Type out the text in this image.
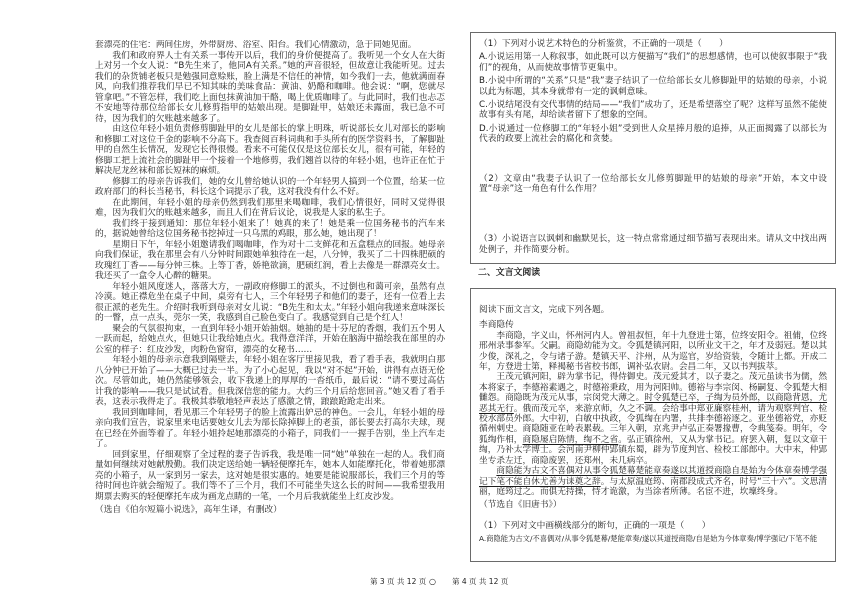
套漂亮的住宅：两间住房，外带厨房、浴室、阳台。我们心情激动，急于同她见面。

我们和政府界人士有关系一事传开以后，我们的身价便提高了。我听见一个女人在大街上对另一个女人说：“B先生来了，他同A有关系。”她的声音很轻，但故意让我能听见。过去我们的杂货铺老板只是勉强同意赊账，脸上满是不信任的神情，如今我们一去，他就满面春风，向我们推荐我们早已不知其味的美味食品：黄油、奶酪和咖啡。他会说：“啊，您就尽管拿吧。”不管怎样，我们吃上面包抹黄油加干酪，喝上优质咖啡了。与此同时，我们也忐忑不安地等待那位给部长女儿修剪指甲的姑娘出现。是脚趾甲，姑娘还未露面，我已急不可待，因为我们的欠账越来越多了。

由这位年轻小姐负责修剪脚趾甲的女儿是部长的掌上明珠，听说部长女儿对部长的影响和修脚工对这位千金的影响不分高下。我查阅百科词典和手头所有的医学资料书，了解脚趾甲的自然生长情况，发现它长得很慢。看来不可能仅仅是这位部长女儿，很有可能，年轻的修脚工把上流社会的脚趾甲一个接着一个地修剪，我们翘首以待的年轻小姐，也许正在忙于解决尼龙丝袜和部长短袜的麻烦。

修脚工的母亲告诉我们，她的女儿曾给她认识的一个年轻男人搞到一个位置，给某一位政府部门的科长当秘书，科长这个词提示了我，这对我没有什么不好。

在此期间，年轻小姐的母亲仍然到我们那里来喝咖啡，我们心情很好，同时又觉得很难，因为我们欠的账越来越多，而且人们在背后议论，说我是人家的私生子。

我们终于接到通知：那位年轻小姐来了！她真的来了！她是乘一位国务秘书的汽车来的，据说她曾给这位国务秘书挖掉过一只乌黑的鸡眼，那么她，她出现了！

星期日下午，年轻小姐邀请我们喝咖啡，作为对十二支鲜花和五盒糕点的回报。她母亲向我们保证，我在那里会有八分钟时间跟她单独待在一起，八分钟，我买了二十四株肥硕的玫瑰红丁香——每分钟三株。上等丁香，娇艳欲滴，肥硕红润，看上去像是一群漂亮女士。我还买了一盒令人心醉的糖果。

年轻小姐风度迷人，落落大方，一副政府修脚工的派头，不过倒也和蔼可亲，虽然有点冷漠。她正襟危坐在桌子中间，桌旁有七人，三个年轻男子和他们的妻子，还有一位看上去很正派的老先生。介绍时我听到母亲对女儿说：“B先生和太太。”年轻小姐向我递来意味深长的一瞥，点一点头，莞尔一笑，我感到自己脸色变白了。我感觉到自己是个红人！

聚会的气氛很拘束，一直到年轻小姐开始抽烟。她抽的是十芬尼的香烟，我们五个男人一跃而起，给她点火，但她只让我给她点火。我得意洋洋，开始在脑海中描绘我在部里的办公室的样子：红皮沙发，肉粉色窗帘，漂亮的女秘书……

年轻小姐的母亲示意我到隔壁去，年轻小姐在客厅里接见我，看了看手表，我就明白那八分钟已开始了——大概已过去一半。为了小心起见，我以“对不起”开始，讲得有点语无伦次。尽管如此，她仍然能够领会，收下我递上的厚厚的一沓纸币，最后说：“请不要过高估计我的影响——我只是试试看。但我深信您的能力。大约三个月后给您回音。”她又看了看手表，这表示我得走了。我极其恭敬地轻声表达了感激之情，踉踉跄跄走出来。

我回到咖啡间，看见那三个年轻男子的脸上流露出妒忌的神色。一会儿，年轻小姐的母亲向我们宣告，说家里来电话要她女儿去为部长除掉脚上的老茧，部长要去打高尔夫球，现在已经在外面等着了。年轻小姐拎起她那漂亮的小箱子，同我们一一握手告别，坐上汽车走了。

回到家里，仔细观察了全过程的妻子告诉我，我是唯一同“她”单独在一起的人。我们商量如何继续对她献殷勤。我们决定送给她一辆轻便摩托车，她本人如能摩托化，带着她那漂亮的小箱子，从一家到另一家去，这对她是很实惠的。她要是能说服部长，我们三个月的等待时间也许就会缩短了。我们等不了三个月，我们不可能坐失这么长的时间——我希望我用期票去购买的轻便摩托车成为画龙点睛的一笔，一个月后我就能坐上红皮沙发。

（选自《伯尔短篇小说选》，高年生译，有删改）

（1）下列对小说艺术特色的分析鉴赏，不正确的一项是（　　）

A.小说运用第一人称叙事，如此既可以方便描写“我们”的思想感情，也可以使叙事限于“我们”的视角，从而使故事情节更集中。

B.小说中所谓的“关系”只是“我”妻子结识了一位给部长女儿修脚趾甲的姑娘的母亲，小说以此为标题，其本身就带有一定的讽刺意味。

C.小说结尾没有交代事情的结局——“我们”成功了，还是希望落空了呢？这样写虽然不能使故事有头有尾，却给读者留下了想象的空间。

D.小说通过一位修脚工的“年轻小姐”受到世人众星捧月般的追捧，从正面揭露了以部长为代表的政要上流社会的腐化和贪婪。

（2）文章由“我妻子认识了一位给部长女儿修剪脚趾甲的姑娘的母亲”开始，本文中设置“母亲”这一角色有什么作用？

（3）小说语言以讽刺和幽默见长，这一特点常常通过细节描写表现出来。请从文中找出两处例子，并作简要分析。

二、文言文阅读

阅读下面文言文，完成下列各题。

李商隐传

李商隐，字义山，怀州河内人。曾祖叔恒，年十九登进士第，位终安阳令。祖俌，位终邢州录事参军。父嗣。商隐幼能为文。令狐楚镇河阳，以所业文干之，年才及弱冠。楚以其少俊，深礼之，令与诸子游。楚镇天平、汴州，从为巡官，岁给资装，令随计上都。开成二年，方登进士第，释褐秘书省校书郎，调补弘农尉。会昌二年，又以书判拔萃。

王茂元镇河阳，辟为掌书记，得侍御史。茂元爱其才，以子妻之。茂元虽读书为儒，然本将家子，李德裕素遇之，时德裕秉政，用为河阳帅。德裕与李宗闵、杨嗣复、令狐楚大相雠怨。商隐既为茂元从事，宗闵党大薄之。时令狐楚已卒，子绹为员外郎，以商隐背恩，尤恶其无行。俄而茂元卒，来游京师，久之不调。会给事中郑亚廉察桂州，请为观察判官、检校水部员外郎。大中初，白敏中执政，令狐绹在内署，共排李德裕逐之。亚坐德裕党，亦贬循州刺史。商隐随亚在岭表累载。三年入朝，京兆尹卢弘正奏署掾曹，令典笺奏。明年，令狐绹作相，商隐屡启陈情，绹不之省。弘正镇徐州，又从为掌书记。府罢入朝，复以文章干绹，乃补太学博士。会河南尹柳仲郢镇东蜀，辟为节度判官、检校工部郎中。大中末，仲郢坐专杀左迁，商隐废罢，还郑州，未几病卒。

商隐能为古文不喜偶对从事令狐楚幕楚能章奏遂以其道授商隐自是始为今体章奏博学强记下笔不能自休尤善为诔奠之辞。与太原温庭筠、南郡段成式齐名，时号“三十六”。文思清丽，庭筠过之。而俱无持操，恃才诡激，为当涂者所薄。名宦不进，坎壈终身。

（节选自《旧唐书》）

（1）下列对文中画横线部分的断句，正确的一项是（　　）

A.商隐能为古文/不喜偶对/从事令狐楚幕/楚能章奏/遂以其道授商隐/自是始为今体章奏/博学强记/下笔不能

第 3 页 共 12 页 ○ 第 4 页 共 12 页
